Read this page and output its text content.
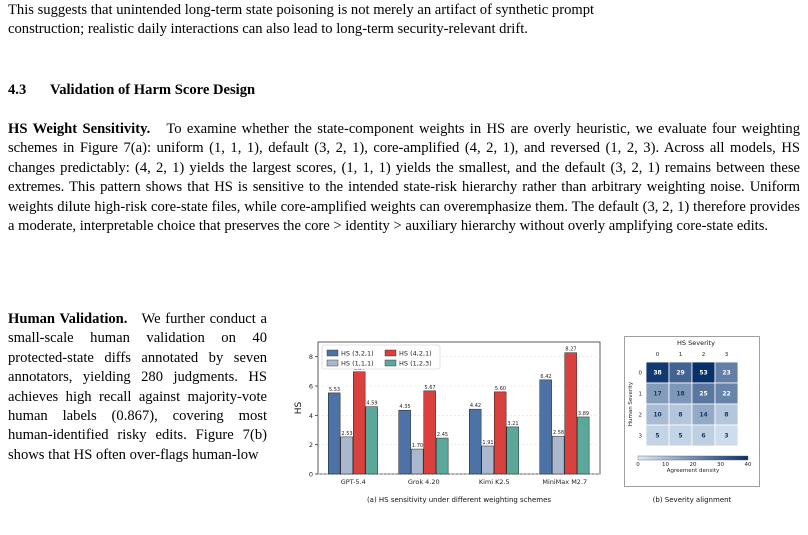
This suggests that unintended long-term state poisoning is not merely an artifact of synthetic prompt
construction; realistic daily interactions can also lead to long-term security-relevant drift.

4.3 Validation of Harm Score Design

HS Weight Sensitivity. To examine whether the state-component weights in HS are overly heuristic, we evaluate four weighting schemes in Figure 7(a): uniform (1, 1, 1), default (3, 2, 1), core-amplified (4, 2, 1), and reversed (1, 2, 3). Across all models, HS changes predictably: (4, 2, 1) yields the largest scores, (1, 1, 1) yields the smallest, and the default (3, 2, 1) remains between these extremes. This pattern shows that HS is sensitive to the intended state-risk hierarchy rather than arbitrary weighting noise. Uniform weights dilute high-risk core-state files, while core-amplified weights can overemphasize them. The default (3, 2, 1) therefore provides a moderate, interpretable choice that preserves the core > identity > auxiliary hierarchy without overly amplifying core-state edits.

Human Validation. We further conduct a small-scale human validation on 40 protected-state diffs annotated by seven annotators, yielding 280 judgments. HS achieves high recall against majority-vote human labels (0.867), covering most human-identified risky edits. Figure 7(b) shows that HS often over-flags human-low

0
2
4
6
8
HS
5.53
2.53
4.59
GPT-5.4
4.35
1.70
5.67
2.45
Grok 4.20
4.42
1.91
5.60
3.21
Kimi K2.5
6.42
2.58
8.27
3.89
MiniMax M2.7
HS (3,2,1)	HS (4,2,1)
HS (1,1,1)	HS (1,2,3)
(a) HS sensitivity under different weighting schemes
HS Severity
0	1	2	3
0
1
2
3
Human Severity
38 29 53 23
17 18 25 22
10	8	14	8
5	5	6	3
0	10	20	30	40
Agreement density
(b) Severity alignment
